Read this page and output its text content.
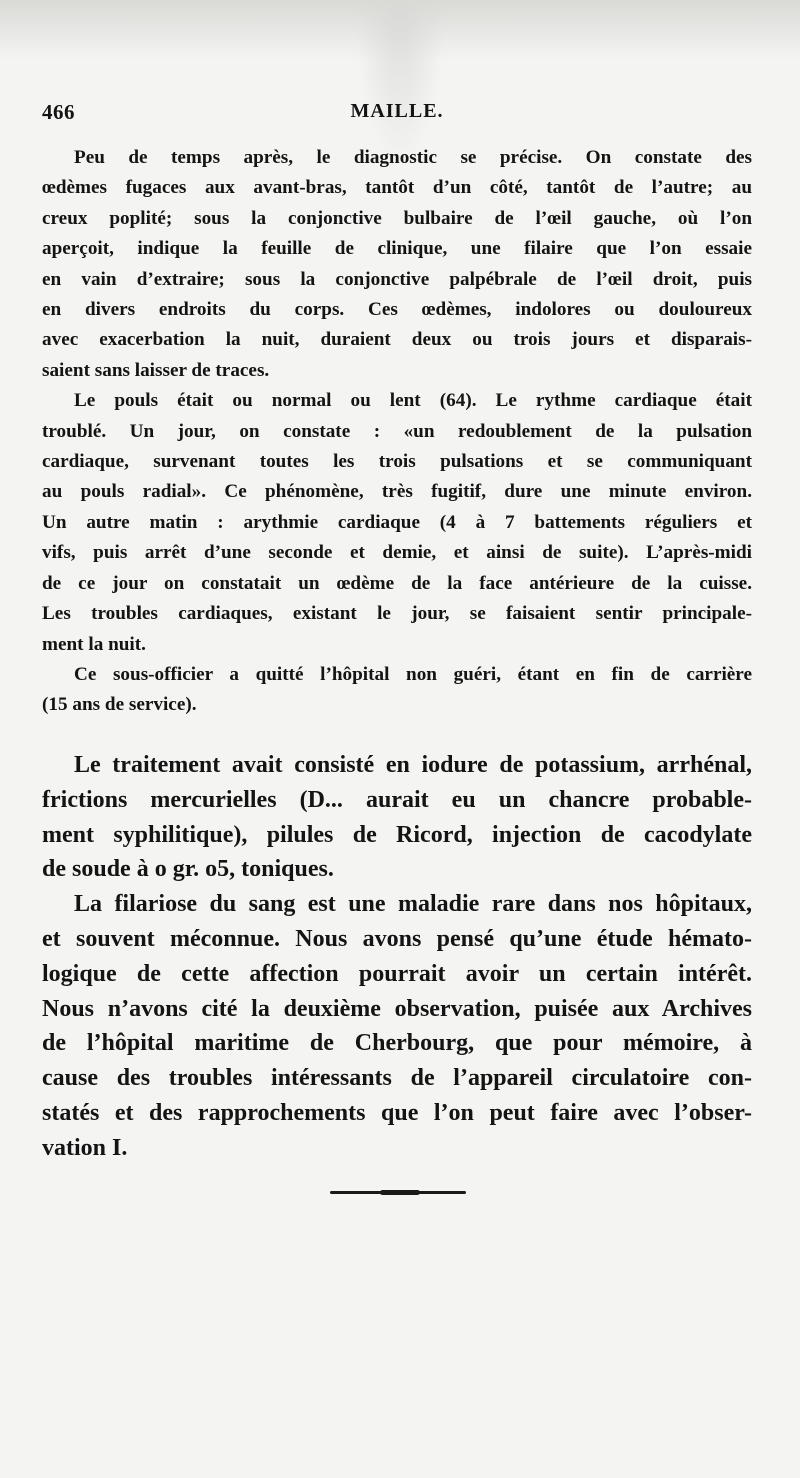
466	MAILLE.
Peu de temps après, le diagnostic se précise. On constate des
œdèmes fugaces aux avant-bras, tantôt d’un côté, tantôt de l’autre; au
creux poplité; sous la conjonctive bulbaire de l’œil gauche, où l’on
aperçoit, indique la feuille de clinique, une filaire que l’on essaie
en vain d’extraire; sous la conjonctive palpébrale de l’œil droit, puis
en divers endroits du corps. Ces œdèmes, indolores ou douloureux
avec exacerbation la nuit, duraient deux ou trois jours et disparais-
saient sans laisser de traces.
Le pouls était ou normal ou lent (64). Le rythme cardiaque était
troublé. Un jour, on constate : «un redoublement de la pulsation
cardiaque, survenant toutes les trois pulsations et se communiquant
au pouls radial». Ce phénomène, très fugitif, dure une minute environ.
Un autre matin : arythmie cardiaque (4 à 7 battements réguliers et
vifs, puis arrêt d’une seconde et demie, et ainsi de suite). L’après-midi
de ce jour on constatait un œdème de la face antérieure de la cuisse.
Les troubles cardiaques, existant le jour, se faisaient sentir principale-
ment la nuit.
Ce sous-officier a quitté l’hôpital non guéri, étant en fin de carrière
(15 ans de service).
Le traitement avait consisté en iodure de potassium, arrhénal,
frictions mercurielles (D... aurait eu un chancre probable-
ment syphilitique), pilules de Ricord, injection de cacodylate
de soude à o gr. o5, toniques.
La filariose du sang est une maladie rare dans nos hôpitaux,
et souvent méconnue. Nous avons pensé qu’une étude hémato-
logique de cette affection pourrait avoir un certain intérêt.
Nous n’avons cité la deuxième observation, puisée aux Archives
de l’hôpital maritime de Cherbourg, que pour mémoire, à
cause des troubles intéressants de l’appareil circulatoire con-
statés et des rapprochements que l’on peut faire avec l’obser-
vation I.
